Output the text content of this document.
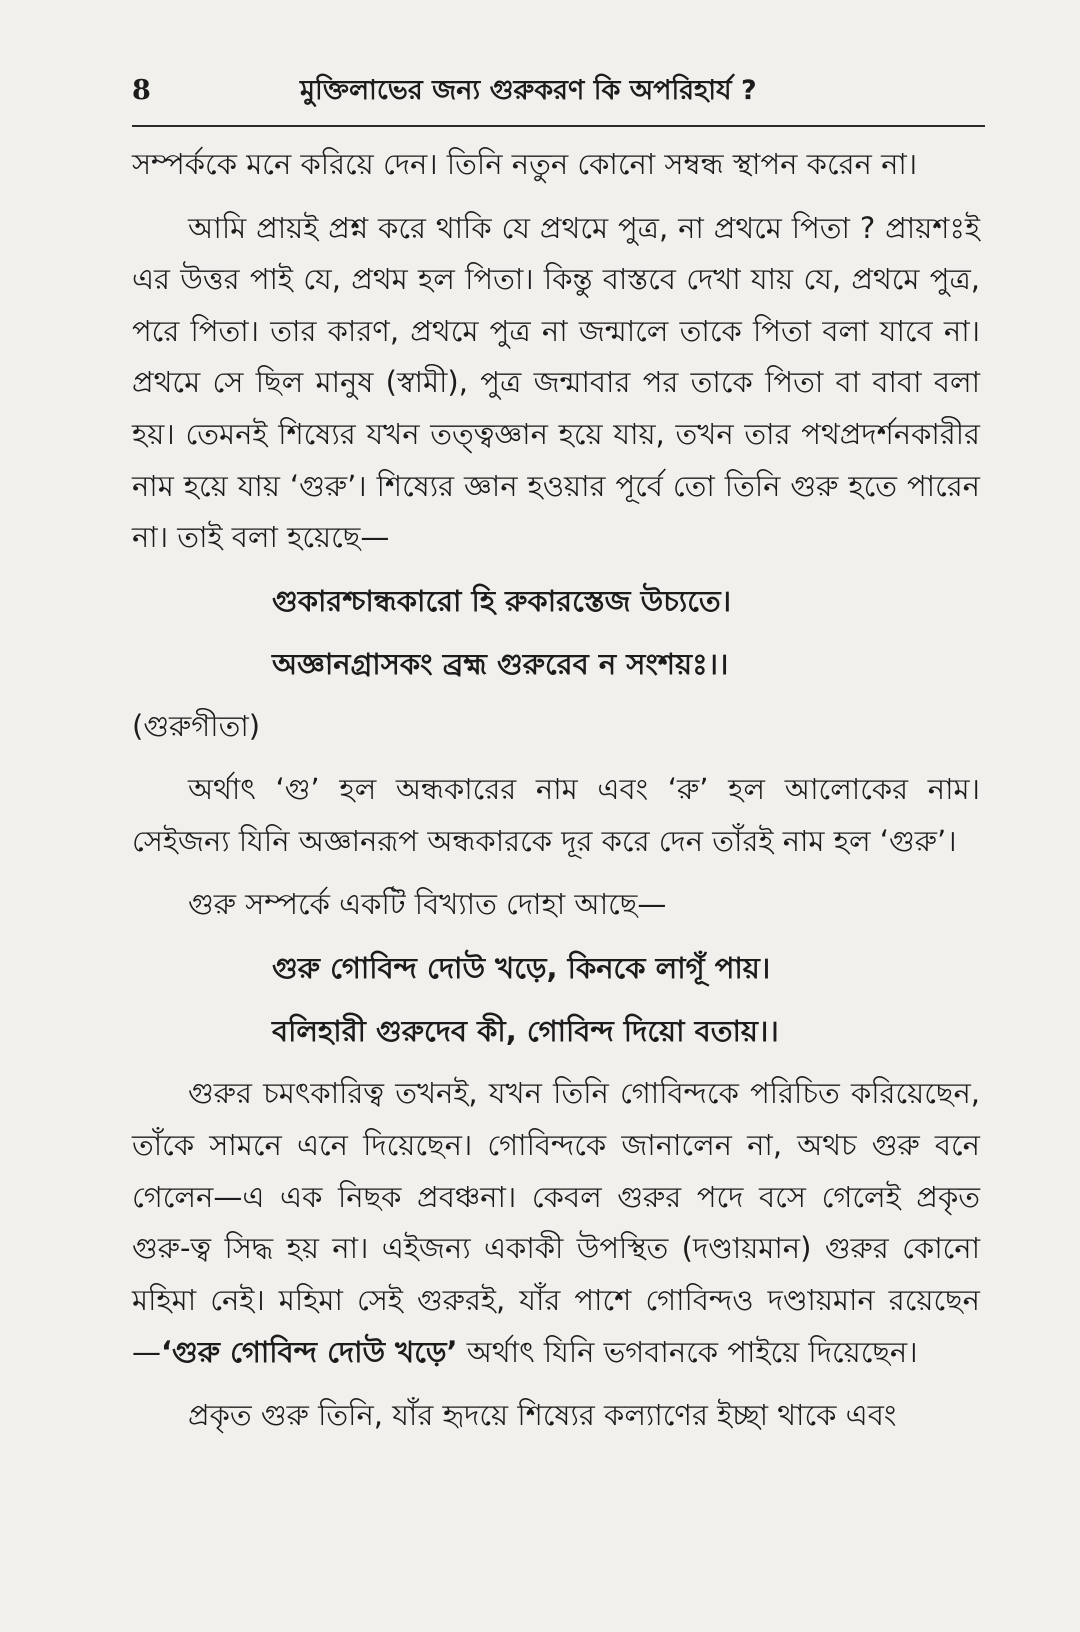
8	মুক্তিলাভের জন্য গুরুকরণ কি অপরিহার্য ?

সম্পর্ককে মনে করিয়ে দেন। তিনি নতুন কোনো সম্বন্ধ স্থাপন করেন না।

আমি প্রায়ই প্রশ্ন করে থাকি যে প্রথমে পুত্র, না প্রথমে পিতা ? প্রায়শঃই এর উত্তর পাই যে, প্রথম হল পিতা। কিন্তু বাস্তবে দেখা যায় যে, প্রথমে পুত্র, পরে পিতা। তার কারণ, প্রথমে পুত্র না জন্মালে তাকে পিতা বলা যাবে না। প্রথমে সে ছিল মানুষ (স্বামী), পুত্র জন্মাবার পর তাকে পিতা বা বাবা বলা হয়। তেমনই শিষ্যের যখন তত্ত্বজ্ঞান হয়ে যায়, তখন তার পথপ্রদর্শনকারীর নাম হয়ে যায় ‘গুরু’। শিষ্যের জ্ঞান হওয়ার পূর্বে তো তিনি গুরু হতে পারেন না। তাই বলা হয়েছে—

গুকারশ্চান্ধকারো হি রুকারস্তেজ উচ্যতে।

অজ্ঞানগ্রাসকং ব্রহ্ম গুরুরেব ন সংশয়ঃ।।

(গুরুগীতা)

অর্থাৎ ‘গু’ হল অন্ধকারের নাম এবং ‘রু’ হল আলোকের নাম। সেইজন্য যিনি অজ্ঞানরূপ অন্ধকারকে দূর করে দেন তাঁরই নাম হল ‘গুরু’।

গুরু সম্পর্কে একটি বিখ্যাত দোহা আছে—

গুরু গোবিন্দ দোউ খড়ে, কিনকে লাগূঁ পায়।

বলিহারী গুরুদেব কী, গোবিন্দ দিয়ো বতায়।।

গুরুর চমৎকারিত্ব তখনই, যখন তিনি গোবিন্দকে পরিচিত করিয়েছেন, তাঁকে সামনে এনে দিয়েছেন। গোবিন্দকে জানালেন না, অথচ গুরু বনে গেলেন—এ এক নিছক প্রবঞ্চনা। কেবল গুরুর পদে বসে গেলেই প্রকৃত গুরু-ত্ব সিদ্ধ হয় না। এইজন্য একাকী উপস্থিত (দণ্ডায়মান) গুরুর কোনো মহিমা নেই। মহিমা সেই গুরুরই, যাঁর পাশে গোবিন্দও দণ্ডায়মান রয়েছেন—‘গুরু গোবিন্দ দোউ খড়ে’ অর্থাৎ যিনি ভগবানকে পাইয়ে দিয়েছেন।

প্রকৃত গুরু তিনি, যাঁর হৃদয়ে শিষ্যের কল্যাণের ইচ্ছা থাকে এবং
